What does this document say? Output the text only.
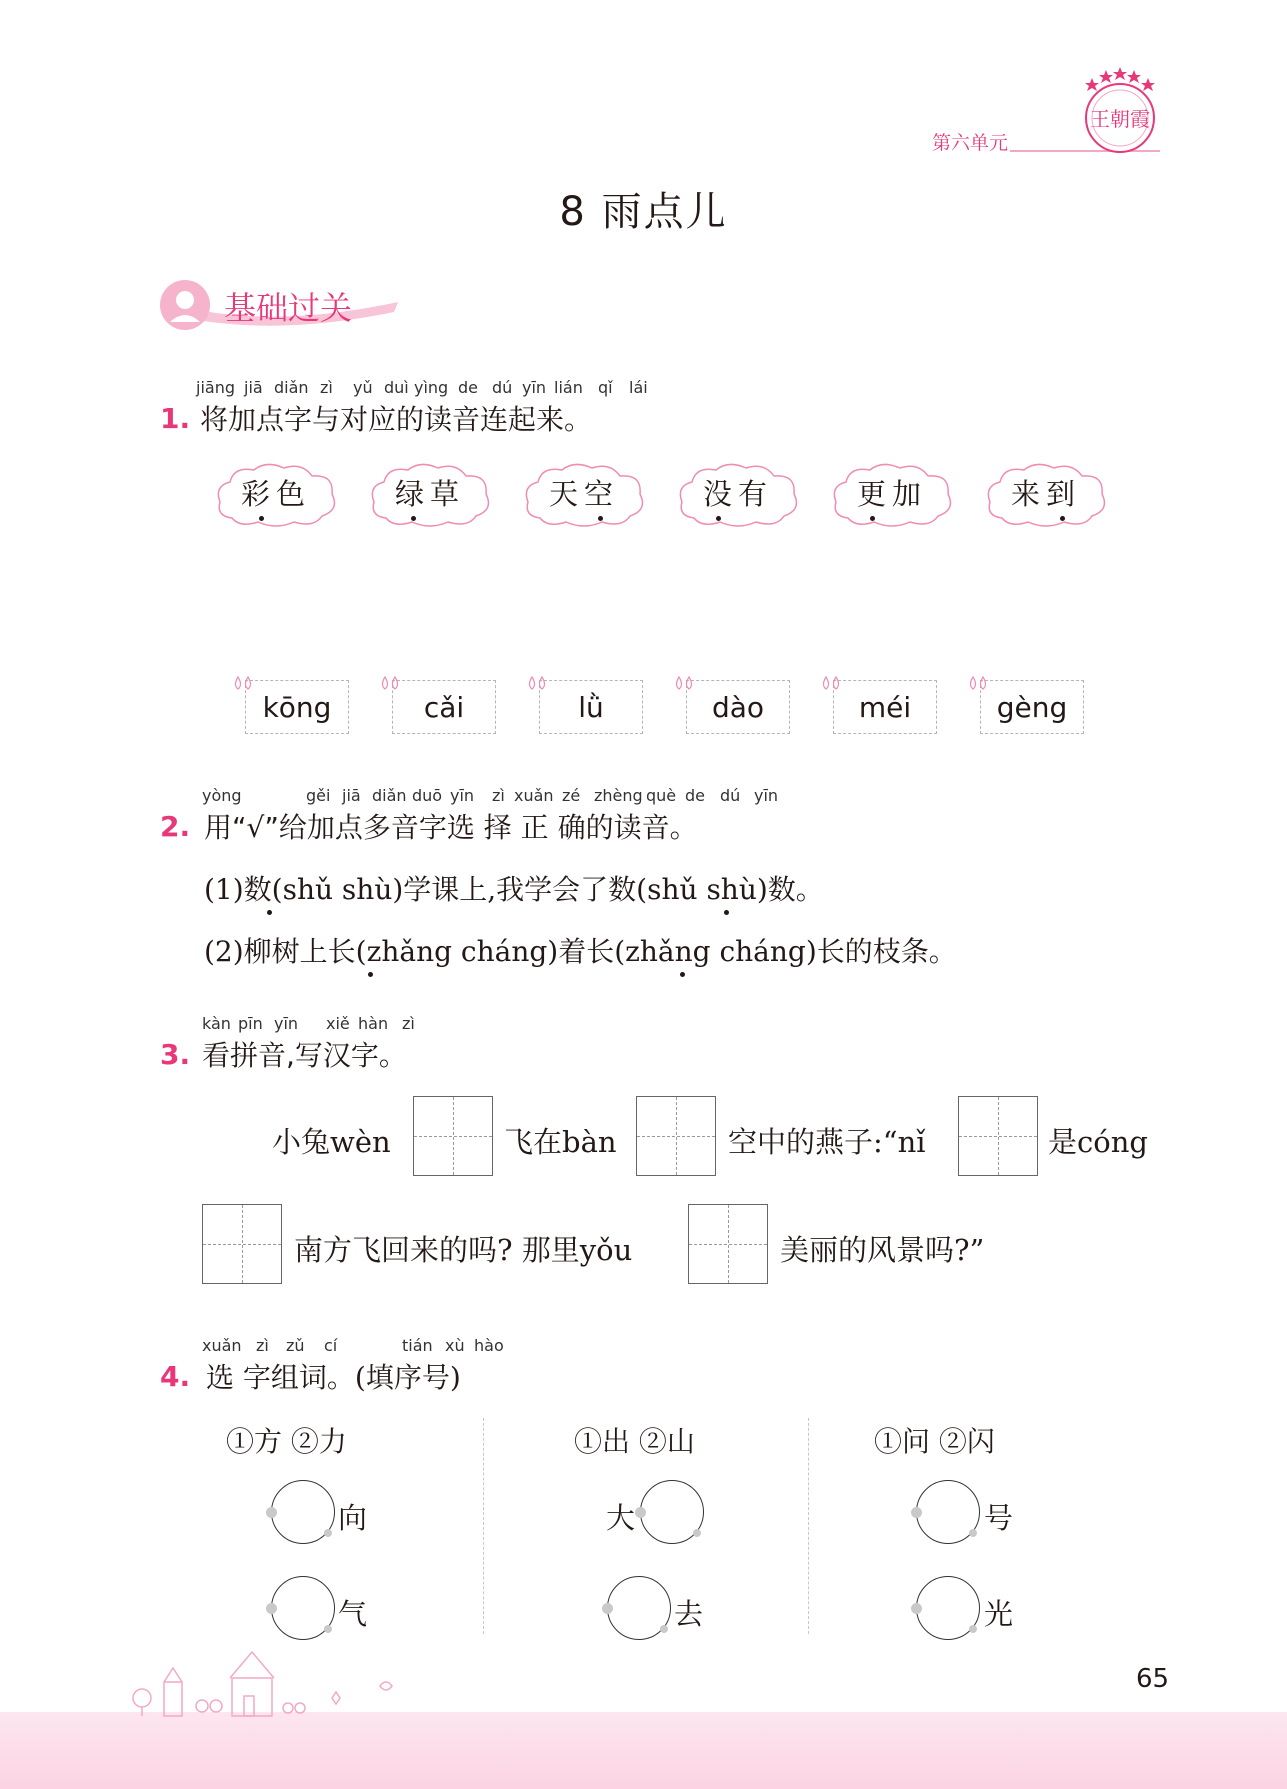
第六单元
王朝霞
8 雨点儿
基础过关
jiāng jiā diǎn zì yǔ duì yìng de dú yīn lián qǐ lái
1. 将加点字与对应的读音连起来。
彩色	绿草	天空	没有	更加	来到
kōng	cǎi	lǜ	dào	méi	gèng
yòng	gěi jiā diǎn duō yīn zì xuǎn zé zhèng què de dú yīn
2. 用“√”给加点多音字选 择 正 确的读音。
(1)数(shǔ shù)学课上,我学会了数(shǔ shù)数。
(2)柳树上长(zhǎng cháng)着长(zhǎng cháng)长的枝条。
kàn pīn yīn xiě hàn zì
3. 看拼音,写汉字。
小兔wèn	飞在bàn	空中的燕子:“nǐ	是cóng
南方飞回来的吗? 那里yǒu	美丽的风景吗?”
xuǎn zì zǔ cí	tián xù hào
4. 选 字组词。(填序号)
①方 ②力
向
气
①出 ②山
大
去
①问 ②闪
号
光
65
